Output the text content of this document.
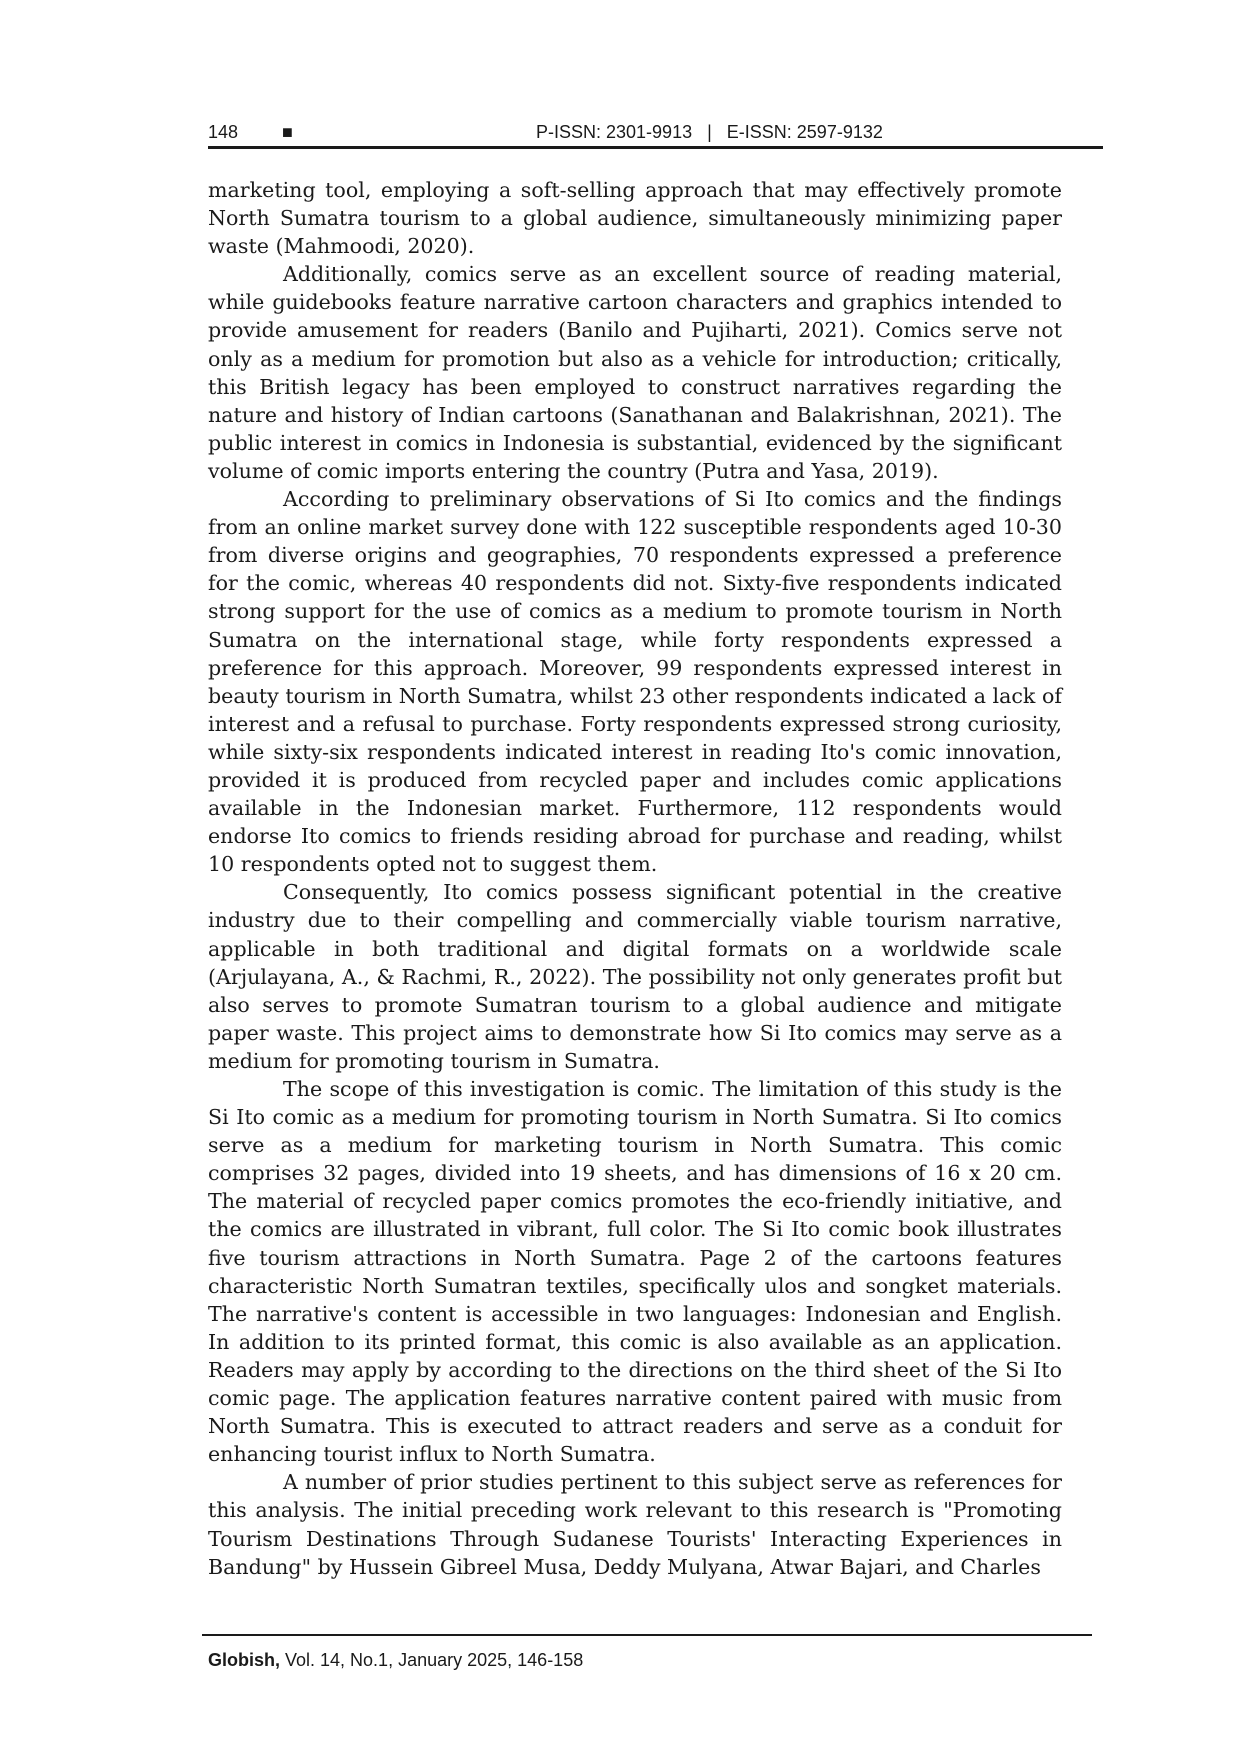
148 ■	P-ISSN: 2301-9913   |   E-ISSN: 2597-9132

marketing tool, employing a soft-selling approach that may effectively promote North Sumatra tourism to a global audience, simultaneously minimizing paper waste (Mahmoodi, 2020).

Additionally, comics serve as an excellent source of reading material, while guidebooks feature narrative cartoon characters and graphics intended to provide amusement for readers (Banilo and Pujiharti, 2021). Comics serve not only as a medium for promotion but also as a vehicle for introduction; critically, this British legacy has been employed to construct narratives regarding the nature and history of Indian cartoons (Sanathanan and Balakrishnan, 2021). The public interest in comics in Indonesia is substantial, evidenced by the significant volume of comic imports entering the country (Putra and Yasa, 2019).

According to preliminary observations of Si Ito comics and the findings from an online market survey done with 122 susceptible respondents aged 10-30 from diverse origins and geographies, 70 respondents expressed a preference for the comic, whereas 40 respondents did not. Sixty-five respondents indicated strong support for the use of comics as a medium to promote tourism in North Sumatra on the international stage, while forty respondents expressed a preference for this approach. Moreover, 99 respondents expressed interest in beauty tourism in North Sumatra, whilst 23 other respondents indicated a lack of interest and a refusal to purchase. Forty respondents expressed strong curiosity, while sixty-six respondents indicated interest in reading Ito's comic innovation, provided it is produced from recycled paper and includes comic applications available in the Indonesian market. Furthermore, 112 respondents would endorse Ito comics to friends residing abroad for purchase and reading, whilst 10 respondents opted not to suggest them.

Consequently, Ito comics possess significant potential in the creative industry due to their compelling and commercially viable tourism narrative, applicable in both traditional and digital formats on a worldwide scale (Arjulayana, A., & Rachmi, R., 2022). The possibility not only generates profit but also serves to promote Sumatran tourism to a global audience and mitigate paper waste. This project aims to demonstrate how Si Ito comics may serve as a medium for promoting tourism in Sumatra.

The scope of this investigation is comic. The limitation of this study is the Si Ito comic as a medium for promoting tourism in North Sumatra. Si Ito comics serve as a medium for marketing tourism in North Sumatra. This comic comprises 32 pages, divided into 19 sheets, and has dimensions of 16 x 20 cm. The material of recycled paper comics promotes the eco-friendly initiative, and the comics are illustrated in vibrant, full color. The Si Ito comic book illustrates five tourism attractions in North Sumatra. Page 2 of the cartoons features characteristic North Sumatran textiles, specifically ulos and songket materials. The narrative's content is accessible in two languages: Indonesian and English. In addition to its printed format, this comic is also available as an application. Readers may apply by according to the directions on the third sheet of the Si Ito comic page. The application features narrative content paired with music from North Sumatra. This is executed to attract readers and serve as a conduit for enhancing tourist influx to North Sumatra.

A number of prior studies pertinent to this subject serve as references for this analysis. The initial preceding work relevant to this research is "Promoting Tourism Destinations Through Sudanese Tourists' Interacting Experiences in Bandung" by Hussein Gibreel Musa, Deddy Mulyana, Atwar Bajari, and Charles

Globish, Vol. 14, No.1, January 2025, 146-158
